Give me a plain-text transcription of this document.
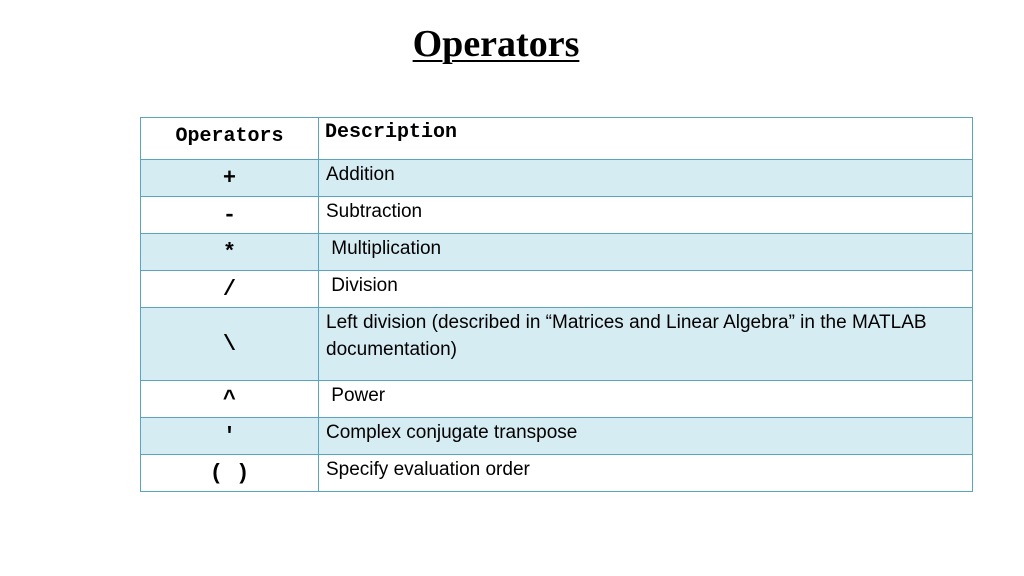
Operators
Operators	Description
+	Addition
-	Subtraction
*	Multiplication
/	Division
\	Left division (described in “Matrices and Linear Algebra” in the MATLAB documentation)
^	Power
'	Complex conjugate transpose
( )	Specify evaluation order
